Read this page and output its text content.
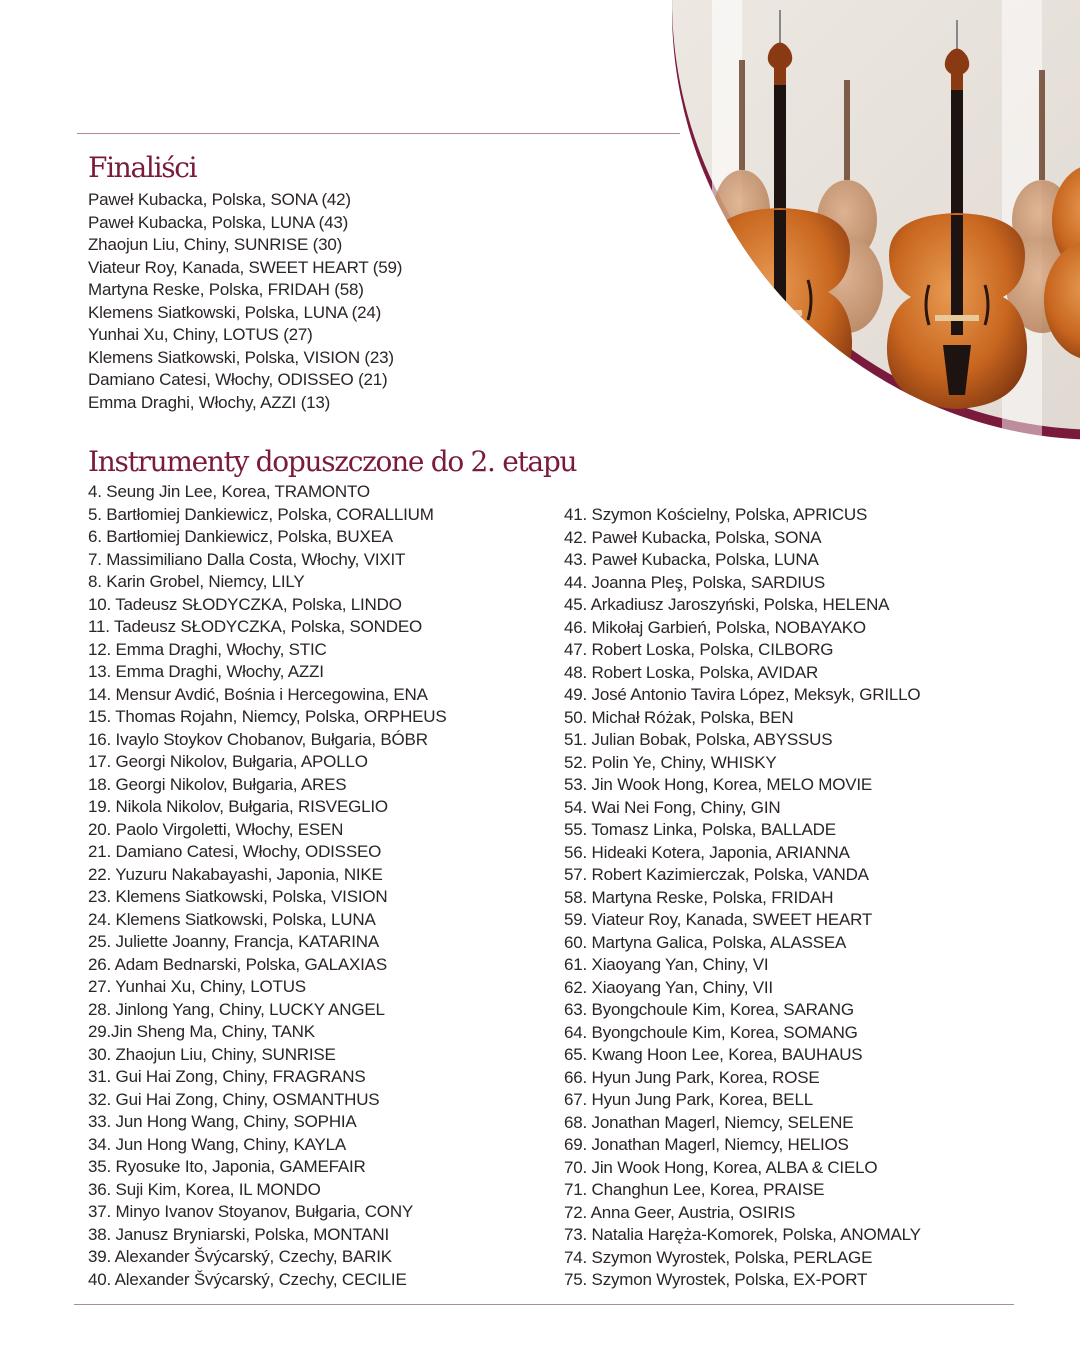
Finaliści
Paweł Kubacka, Polska, SONA (42)
Paweł Kubacka, Polska, LUNA (43)
Zhaojun Liu, Chiny, SUNRISE (30)
Viateur Roy, Kanada, SWEET HEART (59)
Martyna Reske, Polska, FRIDAH (58)
Klemens Siatkowski, Polska, LUNA (24)
Yunhai Xu, Chiny, LOTUS (27)
Klemens Siatkowski, Polska, VISION (23)
Damiano Catesi, Włochy, ODISSEO (21)
Emma Draghi, Włochy, AZZI (13)
Instrumenty dopuszczone do 2. etapu
4. Seung Jin Lee, Korea, TRAMONTO
5. Bartłomiej Dankiewicz, Polska, CORALLIUM
6. Bartłomiej Dankiewicz, Polska, BUXEA
7. Massimiliano Dalla Costa, Włochy, VIXIT
8. Karin Grobel, Niemcy, LILY
10. Tadeusz SŁODYCZKA, Polska, LINDO
11. Tadeusz SŁODYCZKA, Polska, SONDEO
12. Emma Draghi, Włochy, STIC
13. Emma Draghi, Włochy, AZZI
14. Mensur Avdić, Bośnia i Hercegowina, ENA
15. Thomas Rojahn, Niemcy, Polska, ORPHEUS
16. Ivaylo Stoykov Chobanov, Bułgaria, BÓBR
17. Georgi Nikolov, Bułgaria, APOLLO
18. Georgi Nikolov, Bułgaria, ARES
19. Nikola Nikolov, Bułgaria, RISVEGLIO
20. Paolo Virgoletti, Włochy, ESEN
21. Damiano Catesi, Włochy, ODISSEO
22. Yuzuru Nakabayashi, Japonia, NIKE
23. Klemens Siatkowski, Polska, VISION
24. Klemens Siatkowski, Polska, LUNA
25. Juliette Joanny, Francja, KATARINA
26. Adam Bednarski, Polska, GALAXIAS
27. Yunhai Xu, Chiny, LOTUS
28. Jinlong Yang, Chiny, LUCKY ANGEL
29.Jin Sheng Ma, Chiny, TANK
30. Zhaojun Liu, Chiny, SUNRISE
31. Gui Hai Zong, Chiny, FRAGRANS
32. Gui Hai Zong, Chiny, OSMANTHUS
33. Jun Hong Wang, Chiny, SOPHIA
34. Jun Hong Wang, Chiny, KAYLA
35. Ryosuke Ito, Japonia, GAMEFAIR
36. Suji Kim, Korea, IL MONDO
37. Minyo Ivanov Stoyanov, Bułgaria, CONY
38. Janusz Bryniarski, Polska, MONTANI
39. Alexander Švýcarský, Czechy, BARIK
40. Alexander Švýcarský, Czechy, CECILIE
41. Szymon Kościelny, Polska, APRICUS
42. Paweł Kubacka, Polska, SONA
43. Paweł Kubacka, Polska, LUNA
44. Joanna Pleş, Polska, SARDIUS
45. Arkadiusz Jaroszyński, Polska, HELENA
46. Mikołaj Garbień, Polska, NOBAYAKO
47. Robert Loska, Polska, CILBORG
48. Robert Loska, Polska, AVIDAR
49. José Antonio Tavira López, Meksyk, GRILLO
50. Michał Różak, Polska, BEN
51. Julian Bobak, Polska, ABYSSUS
52. Polin Ye, Chiny, WHISKY
53. Jin Wook Hong, Korea, MELO MOVIE
54. Wai Nei Fong, Chiny, GIN
55. Tomasz Linka, Polska, BALLADE
56. Hideaki Kotera, Japonia, ARIANNA
57. Robert Kazimierczak, Polska, VANDA
58. Martyna Reske, Polska, FRIDAH
59. Viateur Roy, Kanada, SWEET HEART
60. Martyna Galica, Polska, ALASSEA
61. Xiaoyang Yan, Chiny, VI
62. Xiaoyang Yan, Chiny, VII
63. Byongchoule Kim, Korea, SARANG
64. Byongchoule Kim, Korea, SOMANG
65. Kwang Hoon Lee, Korea, BAUHAUS
66. Hyun Jung Park, Korea, ROSE
67. Hyun Jung Park, Korea, BELL
68. Jonathan Magerl, Niemcy, SELENE
69. Jonathan Magerl, Niemcy, HELIOS
70. Jin Wook Hong, Korea, ALBA & CIELO
71. Changhun Lee, Korea, PRAISE
72. Anna Geer, Austria, OSIRIS
73. Natalia Haręża-Komorek, Polska, ANOMALY
74. Szymon Wyrostek, Polska, PERLAGE
75. Szymon Wyrostek, Polska, EX-PORT
